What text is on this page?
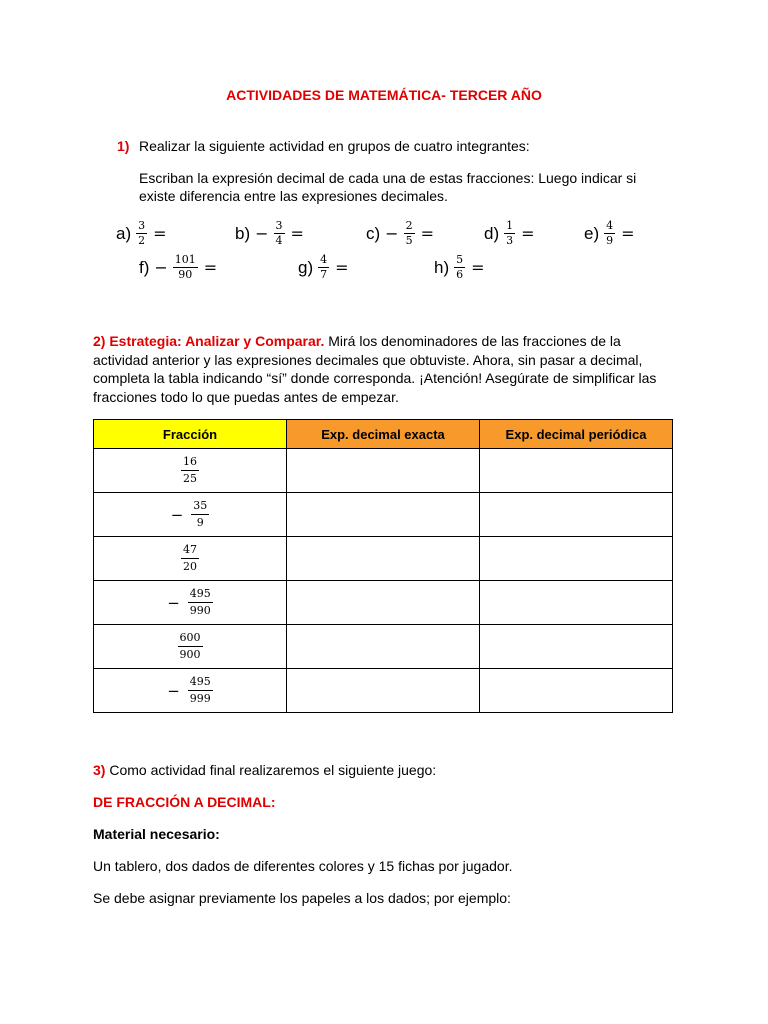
ACTIVIDADES DE MATEMÁTICA- TERCER AÑO
1) Realizar la siguiente actividad en grupos de cuatro integrantes:
Escriban la expresión decimal de cada una de estas fracciones: Luego indicar si
existe diferencia entre las expresiones decimales.
$a) \frac{3}{2}$ =	$b) - \frac{3}{4}$ =	$c) - \frac{2}{5}$ =	$d) \frac{1}{3}$ =	$e) \frac{4}{9}$ =
$f) - \frac{101}{90}$ =	$g) \frac{4}{7}$ =	$h) \frac{5}{6}$ =
2) Estrategia: Analizar y Comparar. Mirá los denominadores de las fracciones de la
actividad anterior y las expresiones decimales que obtuviste. Ahora, sin pasar a decimal,
completa la tabla indicando “sí” donde corresponda. ¡Atención! Asegúrate de simplificar las
fracciones todo lo que puedas antes de empezar.
Fracción	Exp. decimal exacta	Exp. decimal periódica

$\frac{16}{25}$

− $\frac{35}{9}$

$\frac{47}{20}$

− $\frac{495}{990}$

$\frac{600}{900}$

− $\frac{495}{999}$

3) Como actividad final realizaremos el siguiente juego:
DE FRACCIÓN A DECIMAL:
Material necesario:
Un tablero, dos dados de diferentes colores y 15 fichas por jugador.
Se debe asignar previamente los papeles a los dados; por ejemplo:
